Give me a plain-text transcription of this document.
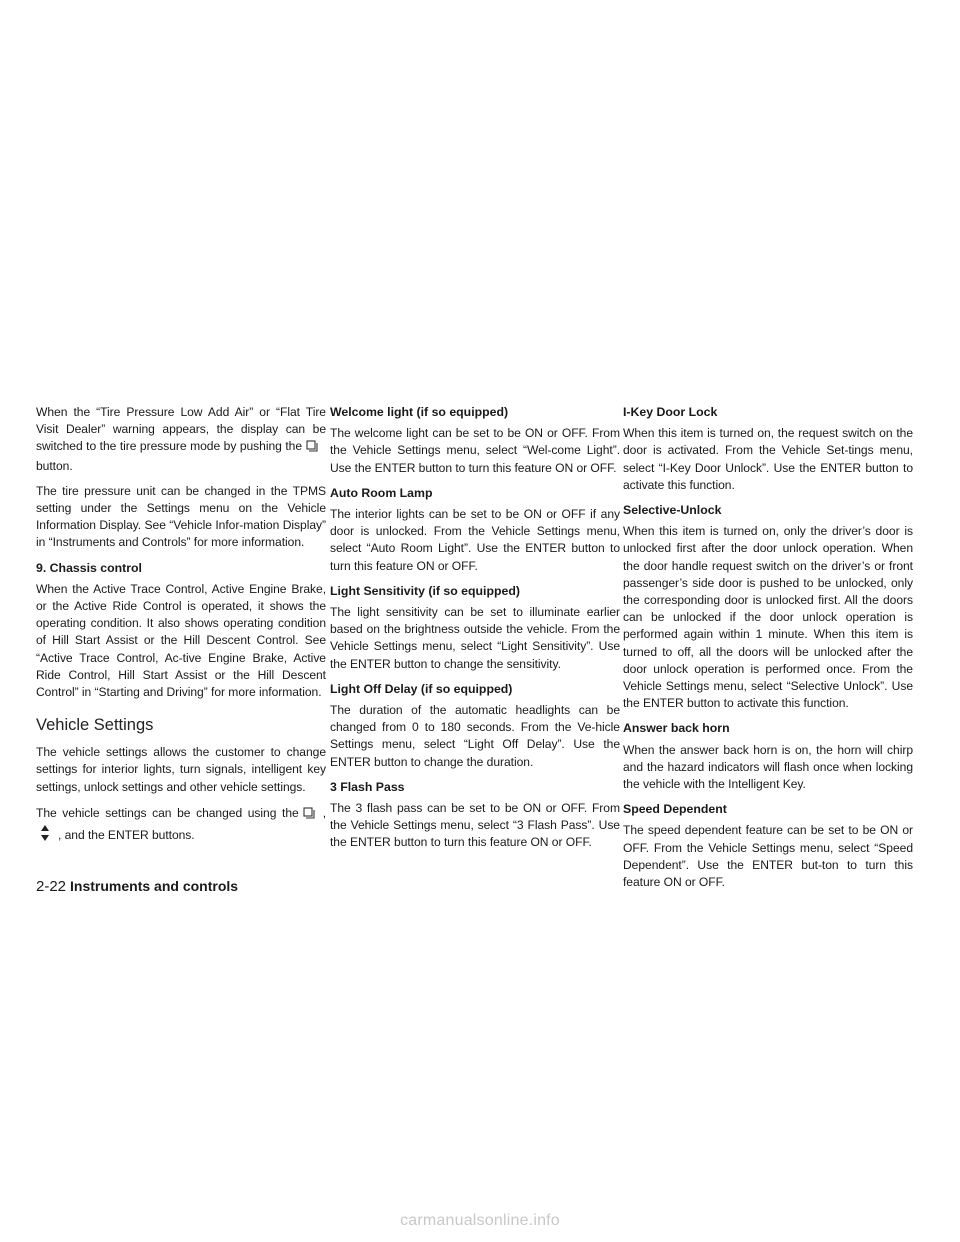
When the “Tire Pressure Low Add Air” or “Flat Tire Visit Dealer” warning appears, the display can be switched to the tire pressure mode by pushing thebutton.

The tire pressure unit can be changed in the TPMS setting under the Settings menu on the Vehicle Information Display. See “Vehicle Infor-mation Display” in “Instruments and Controls” for more information.

9. Chassis control

When the Active Trace Control, Active Engine Brake, or the Active Ride Control is operated, it shows the operating condition. It also shows operating condition of Hill Start Assist or the Hill Descent Control. See “Active Trace Control, Ac-tive Engine Brake, Active Ride Control, Hill Start Assist or the Hill Descent Control” in “Starting and Driving” for more information.

Vehicle Settings

The vehicle settings allows the customer to change settings for interior lights, turn signals, intelligent key settings, unlock settings and other vehicle settings.

The vehicle settings can be changed using the ,, and the ENTER buttons.

Welcome light (if so equipped)

The welcome light can be set to be ON or OFF. From the Vehicle Settings menu, select “Wel-come Light”. Use the ENTER button to turn this feature ON or OFF.

Auto Room Lamp

The interior lights can be set to be ON or OFF if any door is unlocked. From the Vehicle Settings menu, select “Auto Room Light”. Use the ENTER button to turn this feature ON or OFF.

Light Sensitivity (if so equipped)

The light sensitivity can be set to illuminate earlier based on the brightness outside the vehicle. From the Vehicle Settings menu, select “Light Sensitivity”. Use the ENTER button to change the sensitivity.

Light Off Delay (if so equipped)

The duration of the automatic headlights can be changed from 0 to 180 seconds. From the Ve-hicle Settings menu, select “Light Off Delay”. Use the ENTER button to change the duration.

3 Flash Pass

The 3 flash pass can be set to be ON or OFF. From the Vehicle Settings menu, select “3 Flash Pass”. Use the ENTER button to turn this feature ON or OFF.

I-Key Door Lock

When this item is turned on, the request switch on the door is activated. From the Vehicle Set-tings menu, select “I-Key Door Unlock”. Use the ENTER button to activate this function.

Selective-Unlock

When this item is turned on, only the driver’s door is unlocked first after the door unlock operation. When the door handle request switch on the driver’s or front passenger’s side door is pushed to be unlocked, only the corresponding door is unlocked first. All the doors can be unlocked if the door unlock operation is performed again within 1 minute. When this item is turned to off, all the doors will be unlocked after the door unlock operation is performed once. From the Vehicle Settings menu, select “Selective Unlock”. Use the ENTER button to activate this function.

Answer back horn

When the answer back horn is on, the horn will chirp and the hazard indicators will flash once when locking the vehicle with the Intelligent Key.

Speed Dependent

The speed dependent feature can be set to be ON or OFF. From the Vehicle Settings menu, select “Speed Dependent”. Use the ENTER but-ton to turn this feature ON or OFF.

2-22 Instruments and controls
carmanualsonline.info
